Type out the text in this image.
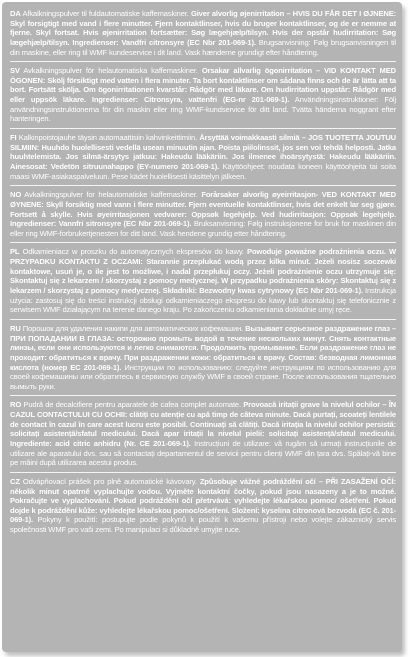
DA Afkalkningspulver til fuldautomatiske kaffemaskiner. Giver alvorlig øjenirritation – HVIS DU FÅR DET I ØJNENE: Skyl forsigtigt med vand i flere minutter. Fjern kontaktlinser, hvis du bruger kontaktlinser, og de er nemme at fjerne. Skyl fortsat. Hvis øjenirritation fortsætter: Søg lægehjælp/tilsyn. Hvis der opstår hudirritation: Søg lægehjælp/tilsyn. Ingredienser: Vandfri citronsyre (EC Nbr 201-069-1). Brugsanvisning: Følg brugsanvisningen til din maskine, eller ring til WMF kundeservice i dit land. Vask hænderne grundigt efter håndtering.

SV Avkalkningspulver för helautomatiska kaffemaskiner. Orsakar allvarlig ögonirritation – VID KONTAKT MED ÖGONEN: Skölj försiktigt med vatten i flera minuter. Ta bort kontaktlinser om sådana finns och de är lätta att ta bort. Fortsätt skölja. Om ögonirritationen kvarstår: Rådgör med läkare. Om hudirritation uppstår: Rådgör med eller uppsök läkare. Ingredienser: Citronsyra, vattenfri (EG-nr 201-069-1). Användningsinstruktioner: Följ användningsinstruktionerna för din maskin eller ring WMF-kundservice för ditt land. Tvätta händerna noggrant efter hanteringen.

FI Kalkinpoistojauhe täysin automaattisiin kahvinkeittimiin. Ärsyttää voimakkaasti silmiä – JOS TUOTETTA JOUTUU SILMIIN: Huuhdo huolellisesti vedellä usean minuutin ajan. Poista piilolinssit, jos sen voi tehdä helposti. Jatka huuhtelemista. Jos silmä-ärsytys jatkuu: Hakeudu lääkäriin. Jos ilmenee ihoärsytystä: Hakeudu lääkäriin. Ainesosat: Vedetön sitruunahappo (EY-numero 201-069-1). Käyttöohjeet: noudata koneen käyttöohjeita tai soita maasi WMF-asiakaspalveluun. Pese kädet huolellisesti käsittelyn jälkeen.

NO Avkalkningspulver for helautomatiske kaffemaskiner. Forårsaker alvorlig øyeirritasjon- VED KONTAKT MED ØYNENE: Skyll forsiktig med vann i flere minutter. Fjern eventuelle kontaktlinser, hvis det enkelt lar seg gjøre. Fortsett å skylle. Hvis øyeirritasjonen vedvarer: Oppsøk legehjelp. Ved hudirritasjon: Oppsøk legehjelp. Ingredienser: Vannfri sitronsyre (EC Nbr 201-069-1). Bruksanvisning: Følg instruksjonene for bruk for maskinen din eller ring WMF-forbrukertjenesten for ditt land. Vask hendene grundig etter håndtering.

PL Odkamieniacz w proszku do automatycznych ekspresów do kawy. Powoduje poważne podrażnienia oczu. W PRZYPADKU KONTAKTU Z OCZAMI: Starannie przepłukać wodą przez kilka minut. Jeżeli nosisz soczewki kontaktowe, usuń je, o ile jest to możliwe, i nadal przepłukuj oczy. Jeżeli podrażnienie oczu utrzymuje się: Skontaktuj się z lekarzem / skorzystaj z pomocy medycznej. W przypadku podrażnienia skóry: Skontaktuj się z lekarzem / skorzystaj z pomocy medycznej. Składniki: Bezwodny kwas cytrynowy (EC Nbr 201-069-1). Instrukcja użycia: zastosuj się do treści instrukcji obsługi odkamieniaczego ekspresu do kawy lub skontaktuj się telefonicznie z serwisem WMF działającym na terenie danego kraju. Po zakończeniu odkamieniania dokładnie umyj ręce.

RU Порошок для удаления накипи для автоматических кофемашин. Вызывает серьезное раздражение глаз – ПРИ ПОПАДАНИИ В ГЛАЗА: осторожно промыть водой в течение нескольких минут. Снять контактные линзы, если они используются и легко снимаются. Продолжить промывание. Если раздражение глаз не проходит: обратиться к врачу. При раздражении кожи: обратиться к врачу. Состав: безводная лимонная кислота (номер EC 201-069-1). Инструкции по использованию: следуйте инструкциям по использованию для своей кофемашины или обратитесь в сервисную службу WMF в своей стране. После использования тщательно вымыть руки.

RO Pudră de decalcifiere pentru aparatele de cafea complet automate. Provoacă iritații grave la nivelul ochilor – ÎN CAZUL CONTACTULUI CU OCHII: clătiți cu atenție cu apă timp de câteva minute. Dacă purtați, scoateți lentilele de contact în cazul în care acest lucru este posibil. Continuați să clătiți. Dacă iritația la nivelul ochilor persistă: solicitați asistență/sfatul medicului. Dacă apar iritații la nivelul pielii: solicitați asistență/sfatul medicului. Ingrediente: acid citric anhidru (Nr. CE 201-069-1). Instrucțiuni de utilizare: vă rugăm să urmați instrucțiunile de utilizare ale aparatului dvs. sau să contactați departamentul de servicii pentru clienți WMF din țara dvs. Spălați-vă bine pe mâini după utilizarea acestui produs.

CZ Odvápňovací prášek pro plně automatické kávovary. Způsobuje vážné podráždění očí – PŘI ZASAŽENÍ OČÍ: několik minut opatrně vyplachujte vodou. Vyjměte kontaktní čočky, pokud jsou nasazeny a je to možné. Pokračujte ve vyplachování. Pokud podráždění očí přetrvává: vyhledejte lékařskou pomoc/ ošetření. Pokud dojde k podráždění kůže: vyhledejte lékařskou pomoc/ošetření. Složení: kyselina citronová bezvodá (EC č. 201-069-1). Pokyny k použití: postupujte podle pokynů k použití k vašemu přístroji nebo volejte zákaznický servis společnosti WMF pro vaši zemi. Po manipulaci si důkladně umyjte ruce.
